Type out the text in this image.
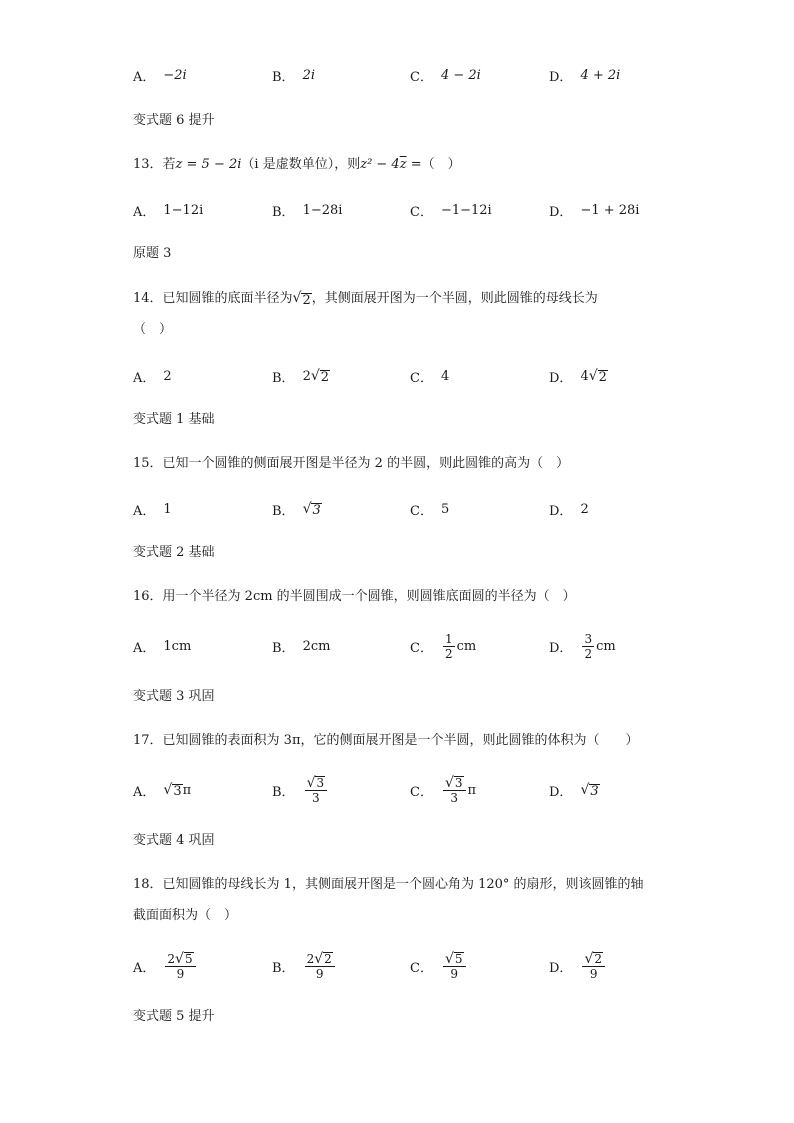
A． −2i	B． 2i	C． 4 − 2i	D． 4 + 2i
变式题 6 提升
13．若z = 5 − 2i（i 是虚数单位），则$z^2 - 4\overline{z}$ =（　）
A． 1−12i	B． 1−28i	C． −1−12i	D． −1 + 28i
原题 3
14．已知圆锥的底面半径为 √ 2 ，其侧面展开图为一个半圆，则此圆锥的母线长为
（　）
A． 2	B． 2 √ 2	C． 4	D． 4 √ 2
变式题 1 基础
15．已知一个圆锥的侧面展开图是半径为 2 的半圆，则此圆锥的高为（　）
A． 1	B． √ 3	C． 5	D． 2
变式题 2 基础
16．用一个半径为 2cm 的半圆围成一个圆锥，则圆锥底面圆的半径为（　）
A． 1cm	B． 2cm	C． $\frac{1}{2}$ cm	D． $\frac{3}{2}$ cm
变式题 3 巩固
17．已知圆锥的表面积为 3π，它的侧面展开图是一个半圆，则此圆锥的体积为（　　）
A． √ 3 π	B． $\frac{√ 3}{3}$	C． $\frac{√ 3}{3}$ π	D． √ 3
变式题 4 巩固
18．已知圆锥的母线长为 1，其侧面展开图是一个圆心角为 120° 的扇形，则该圆锥的轴
截面面积为（　）
A． $\frac{2 √ 5}{9}$	B． $\frac{2 √ 2}{9}$	C． $\frac{√ 5}{9}$	D． $\frac{√ 2}{9}$
变式题 5 提升
